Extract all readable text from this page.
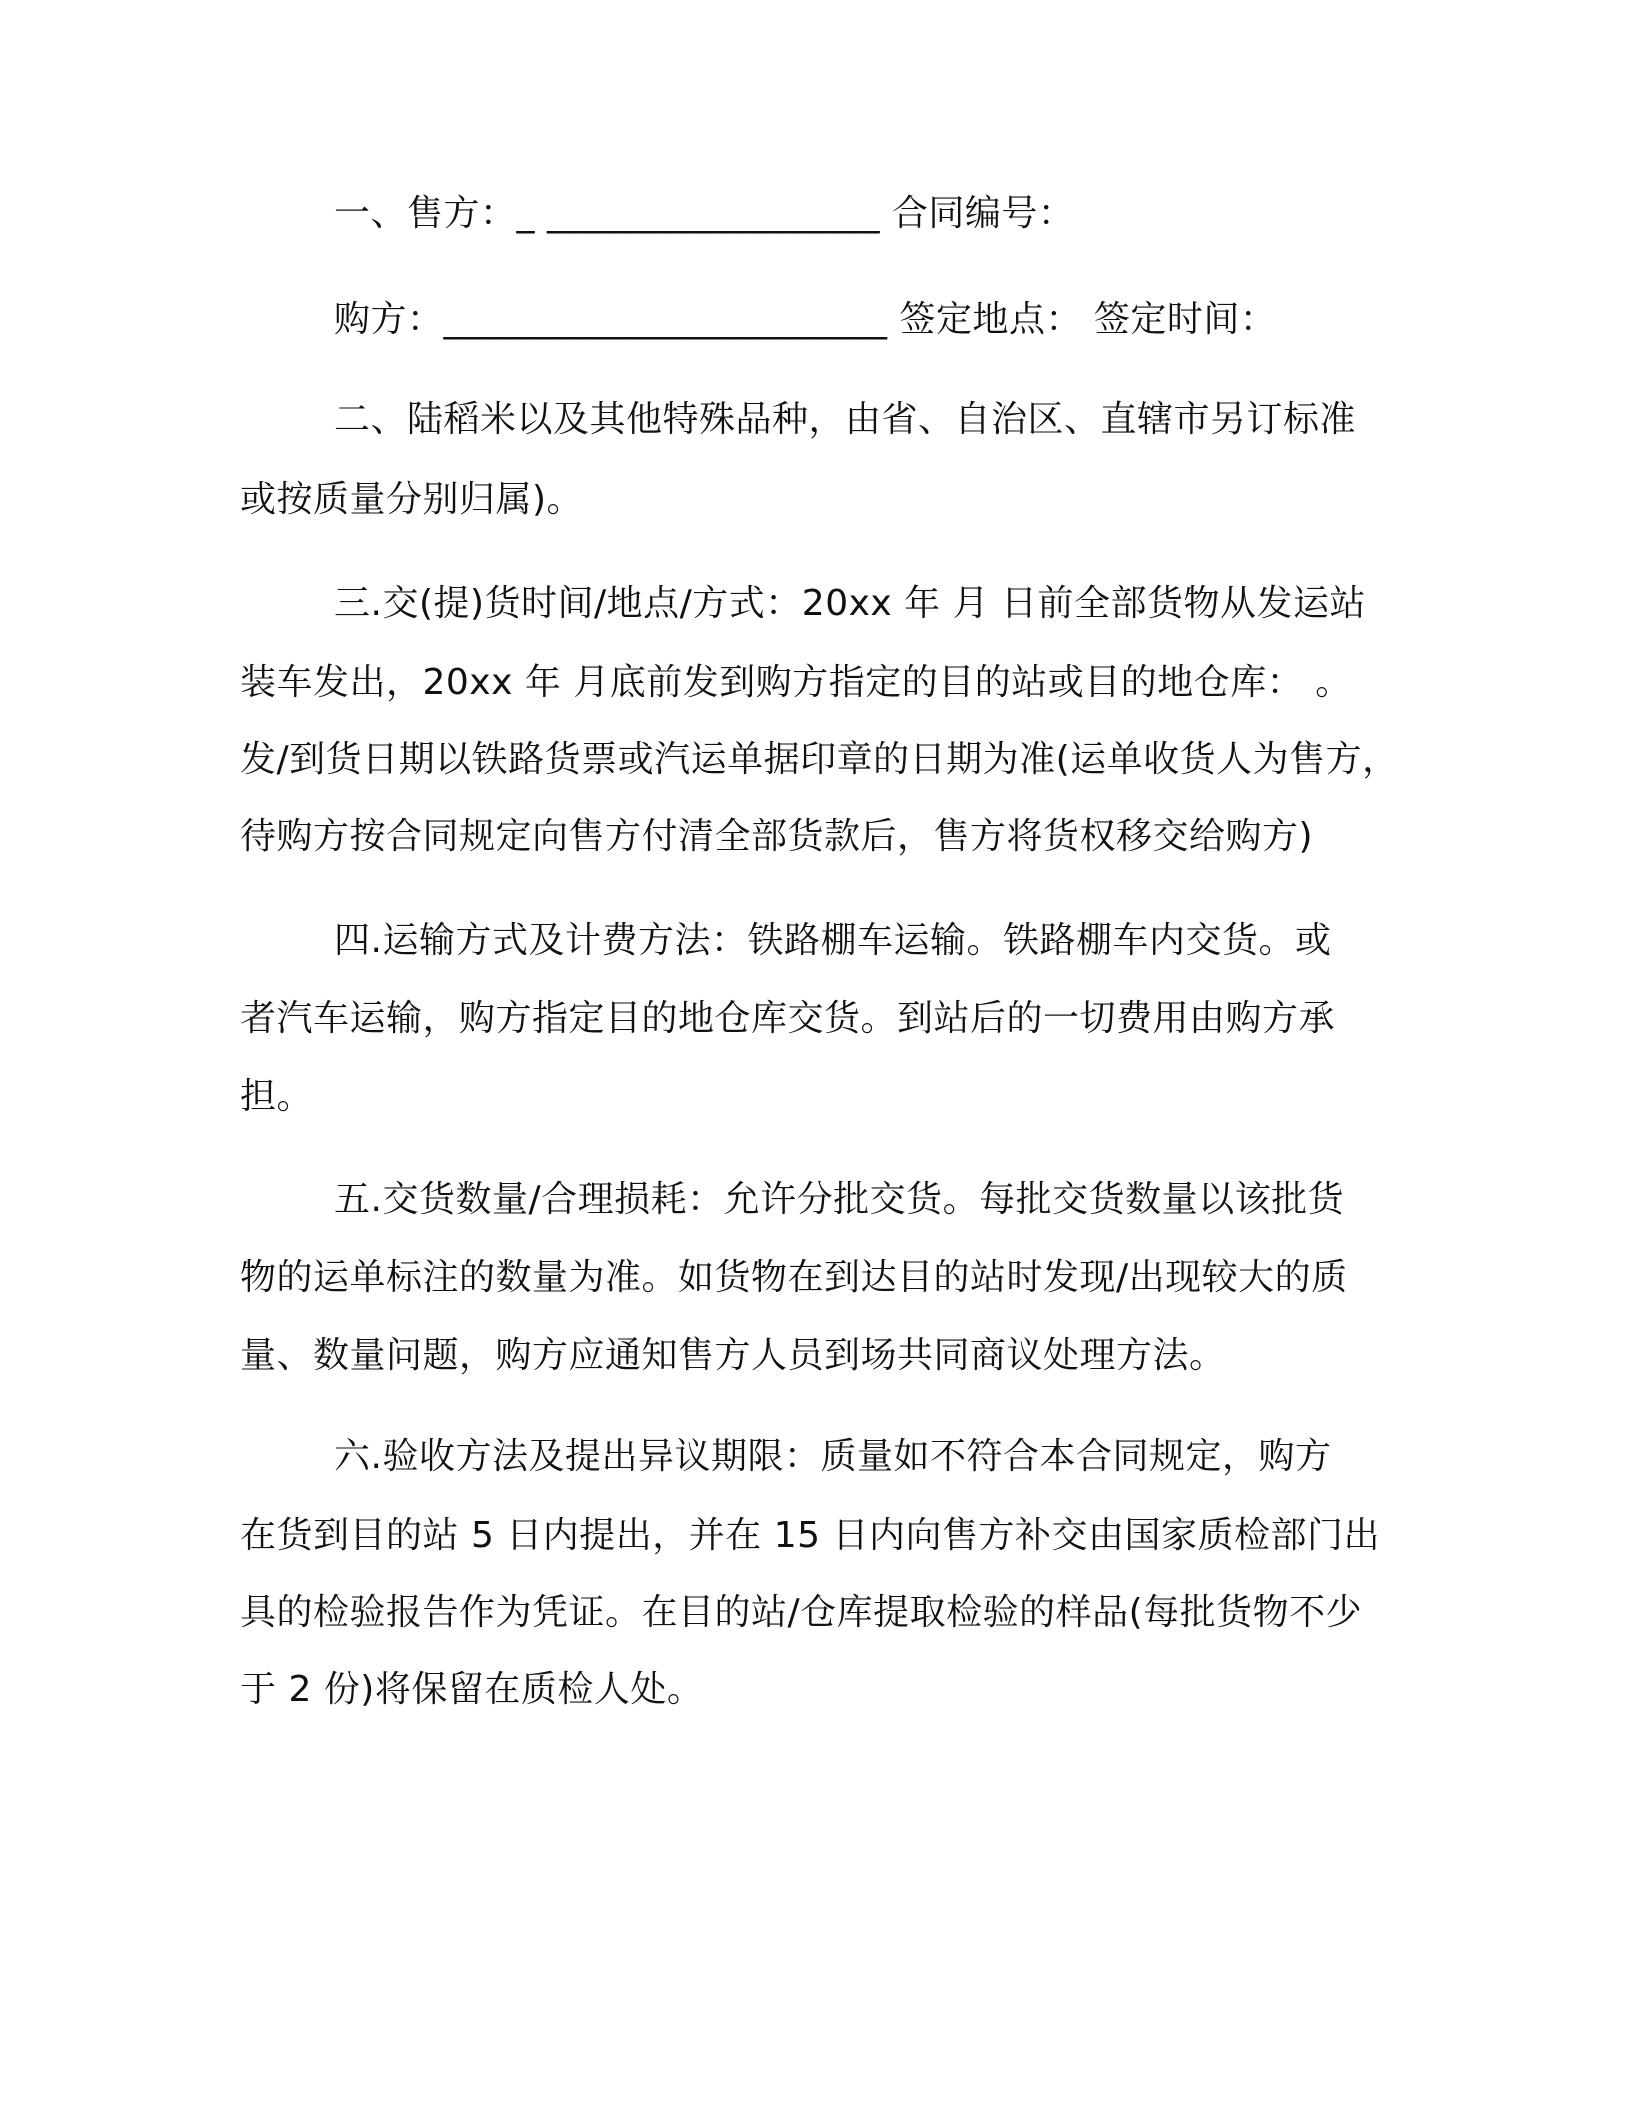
一、售方：_ __________________ 合同编号：
购方：________________________ 签定地点： 签定时间：
二、陆稻米以及其他特殊品种，由省、自治区、直辖市另订标准
或按质量分别归属)。
三.交(提)货时间/地点/方式：20xx 年 月 日前全部货物从发运站
装车发出，20xx 年 月底前发到购方指定的目的站或目的地仓库： 。
发/到货日期以铁路货票或汽运单据印章的日期为准(运单收货人为售方，
待购方按合同规定向售方付清全部货款后，售方将货权移交给购方)
四.运输方式及计费方法：铁路棚车运输。铁路棚车内交货。或
者汽车运输，购方指定目的地仓库交货。到站后的一切费用由购方承
担。
五.交货数量/合理损耗：允许分批交货。每批交货数量以该批货
物的运单标注的数量为准。如货物在到达目的站时发现/出现较大的质
量、数量问题，购方应通知售方人员到场共同商议处理方法。
六.验收方法及提出异议期限：质量如不符合本合同规定，购方
在货到目的站 5 日内提出，并在 15 日内向售方补交由国家质检部门出
具的检验报告作为凭证。在目的站/仓库提取检验的样品(每批货物不少
于 2 份)将保留在质检人处。
